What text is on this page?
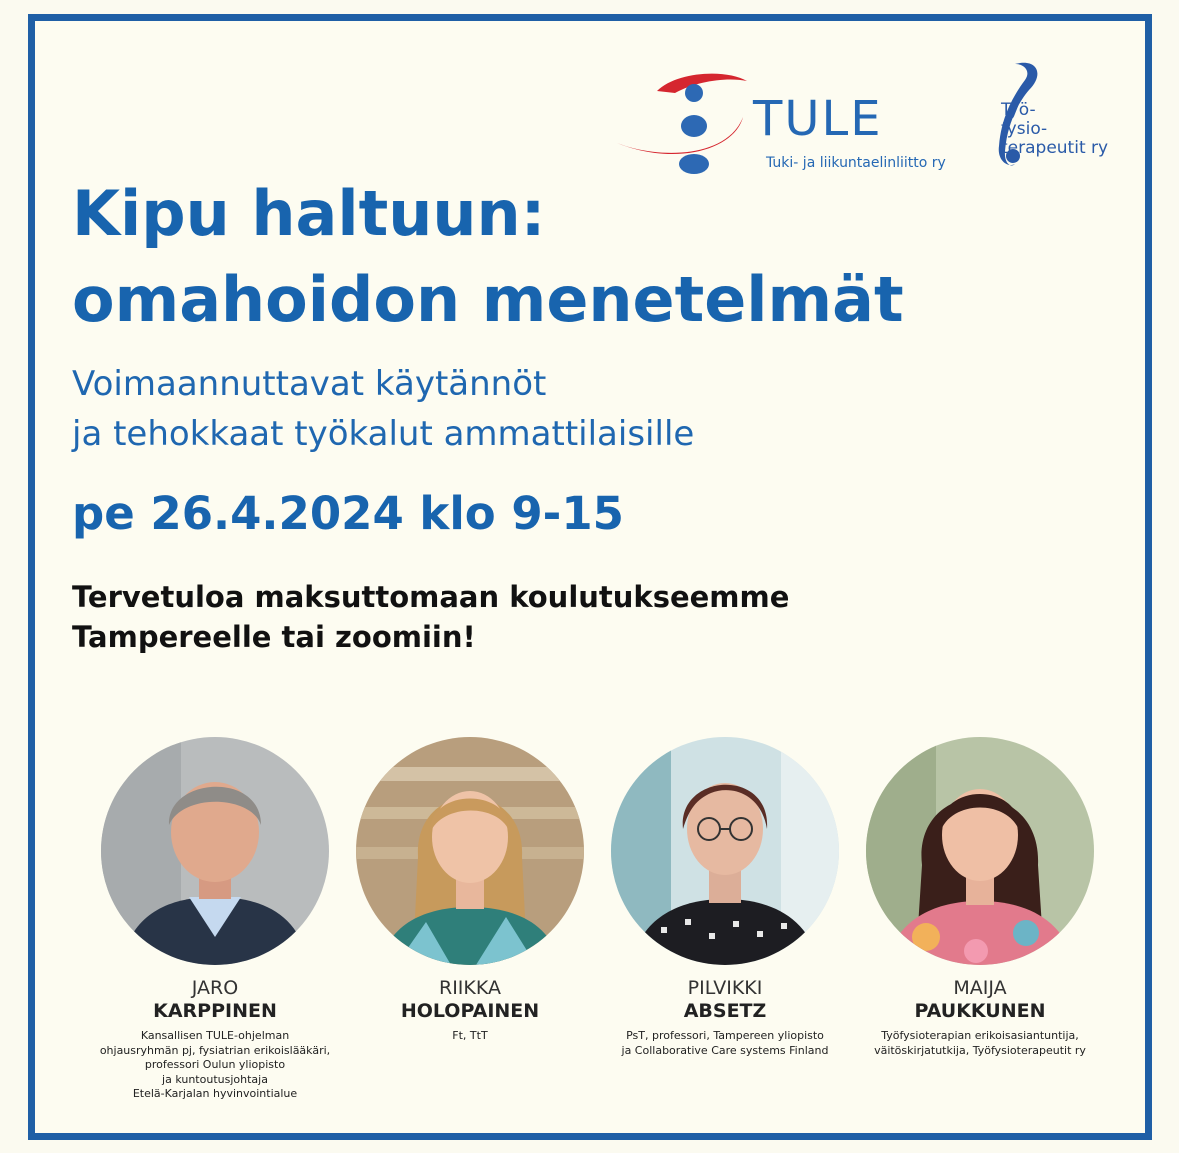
TULE
Tuki- ja liikuntaelinliitto ry
Työ-
fysio-
terapeutit ry
Kipu haltuun:
omahoidon menetelmät
Voimaannuttavat käytännöt
ja tehokkaat työkalut ammattilaisille
pe 26.4.2024 klo 9-15
Tervetuloa maksuttomaan koulutukseemme
Tampereelle tai zoomiin!
JARO
KARPPINEN
Kansallisen TULE-ohjelman
ohjausryhmän pj, fysiatrian erikoislääkäri,
professori Oulun yliopisto
ja kuntoutusjohtaja
Etelä-Karjalan hyvinvointialue
RIIKKA
HOLOPAINEN
Ft, TtT
PILVIKKI
ABSETZ
PsT, professori, Tampereen yliopisto
ja Collaborative Care systems Finland
MAIJA
PAUKKUNEN
Työfysioterapian erikoisasiantuntija,
väitöskirjatutkija, Työfysioterapeutit ry
